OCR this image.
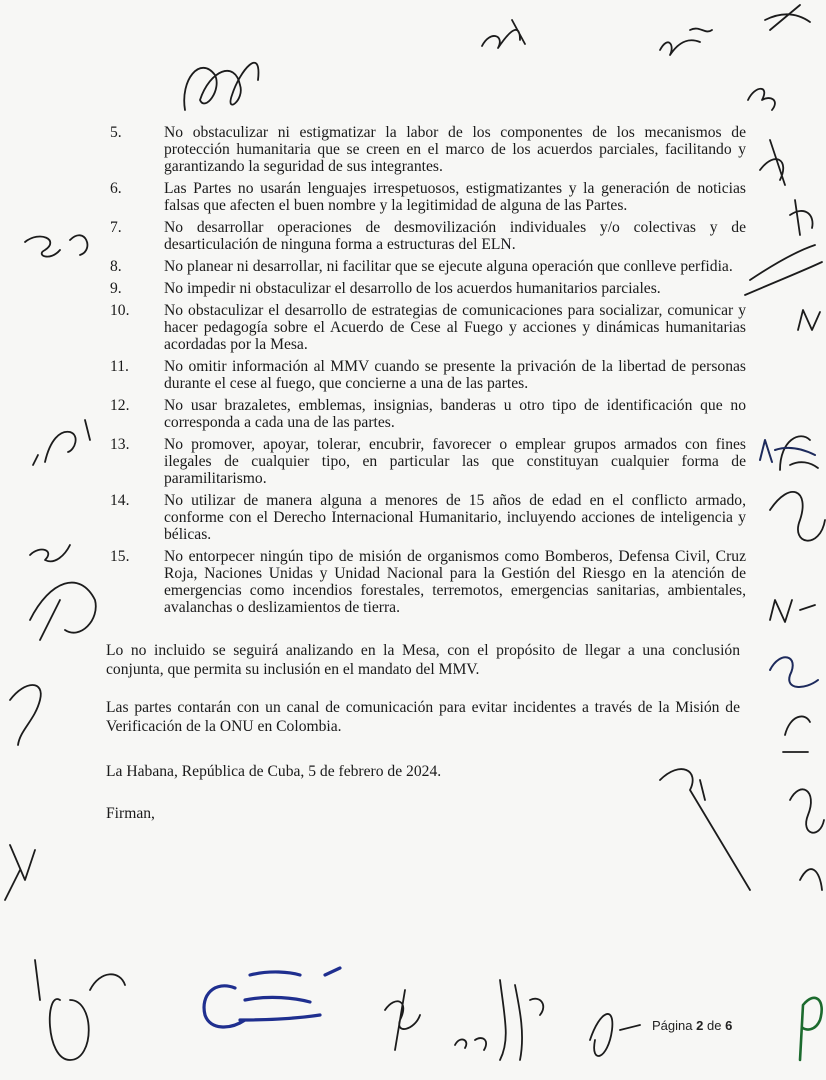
5.	No obstaculizar ni estigmatizar la labor de los componentes de los mecanismos de protección humanitaria que se creen en el marco de los acuerdos parciales, facilitando y garantizando la seguridad de sus integrantes.
6.	Las Partes no usarán lenguajes irrespetuosos, estigmatizantes y la generación de noticias falsas que afecten el buen nombre y la legitimidad de alguna de las Partes.
7.	No desarrollar operaciones de desmovilización individuales y/o colectivas y de desarticulación de ninguna forma a estructuras del ELN.
8.	No planear ni desarrollar, ni facilitar que se ejecute alguna operación que conlleve perfidia.
9.	No impedir ni obstaculizar el desarrollo de los acuerdos humanitarios parciales.
10.	No obstaculizar el desarrollo de estrategias de comunicaciones para socializar, comunicar y hacer pedagogía sobre el Acuerdo de Cese al Fuego y acciones y dinámicas humanitarias acordadas por la Mesa.
11.	No omitir información al MMV cuando se presente la privación de la libertad de personas durante el cese al fuego, que concierne a una de las partes.
12.	No usar brazaletes, emblemas, insignias, banderas u otro tipo de identificación que no corresponda a cada una de las partes.
13.	No promover, apoyar, tolerar, encubrir, favorecer o emplear grupos armados con fines ilegales de cualquier tipo, en particular las que constituyan cualquier forma de paramilitarismo.
14.	No utilizar de manera alguna a menores de 15 años de edad en el conflicto armado, conforme con el Derecho Internacional Humanitario, incluyendo acciones de inteligencia y bélicas.
15.	No entorpecer ningún tipo de misión de organismos como Bomberos, Defensa Civil, Cruz Roja, Naciones Unidas y Unidad Nacional para la Gestión del Riesgo en la atención de emergencias como incendios forestales, terremotos, emergencias sanitarias, ambientales, avalanchas o deslizamientos de tierra.

Lo no incluido se seguirá analizando en la Mesa, con el propósito de llegar a una conclusión conjunta, que permita su inclusión en el mandato del MMV.

Las partes contarán con un canal de comunicación para evitar incidentes a través de la Misión de Verificación de la ONU en Colombia.

La Habana, República de Cuba, 5 de febrero de 2024.

Firman,

Página 2 de 6
